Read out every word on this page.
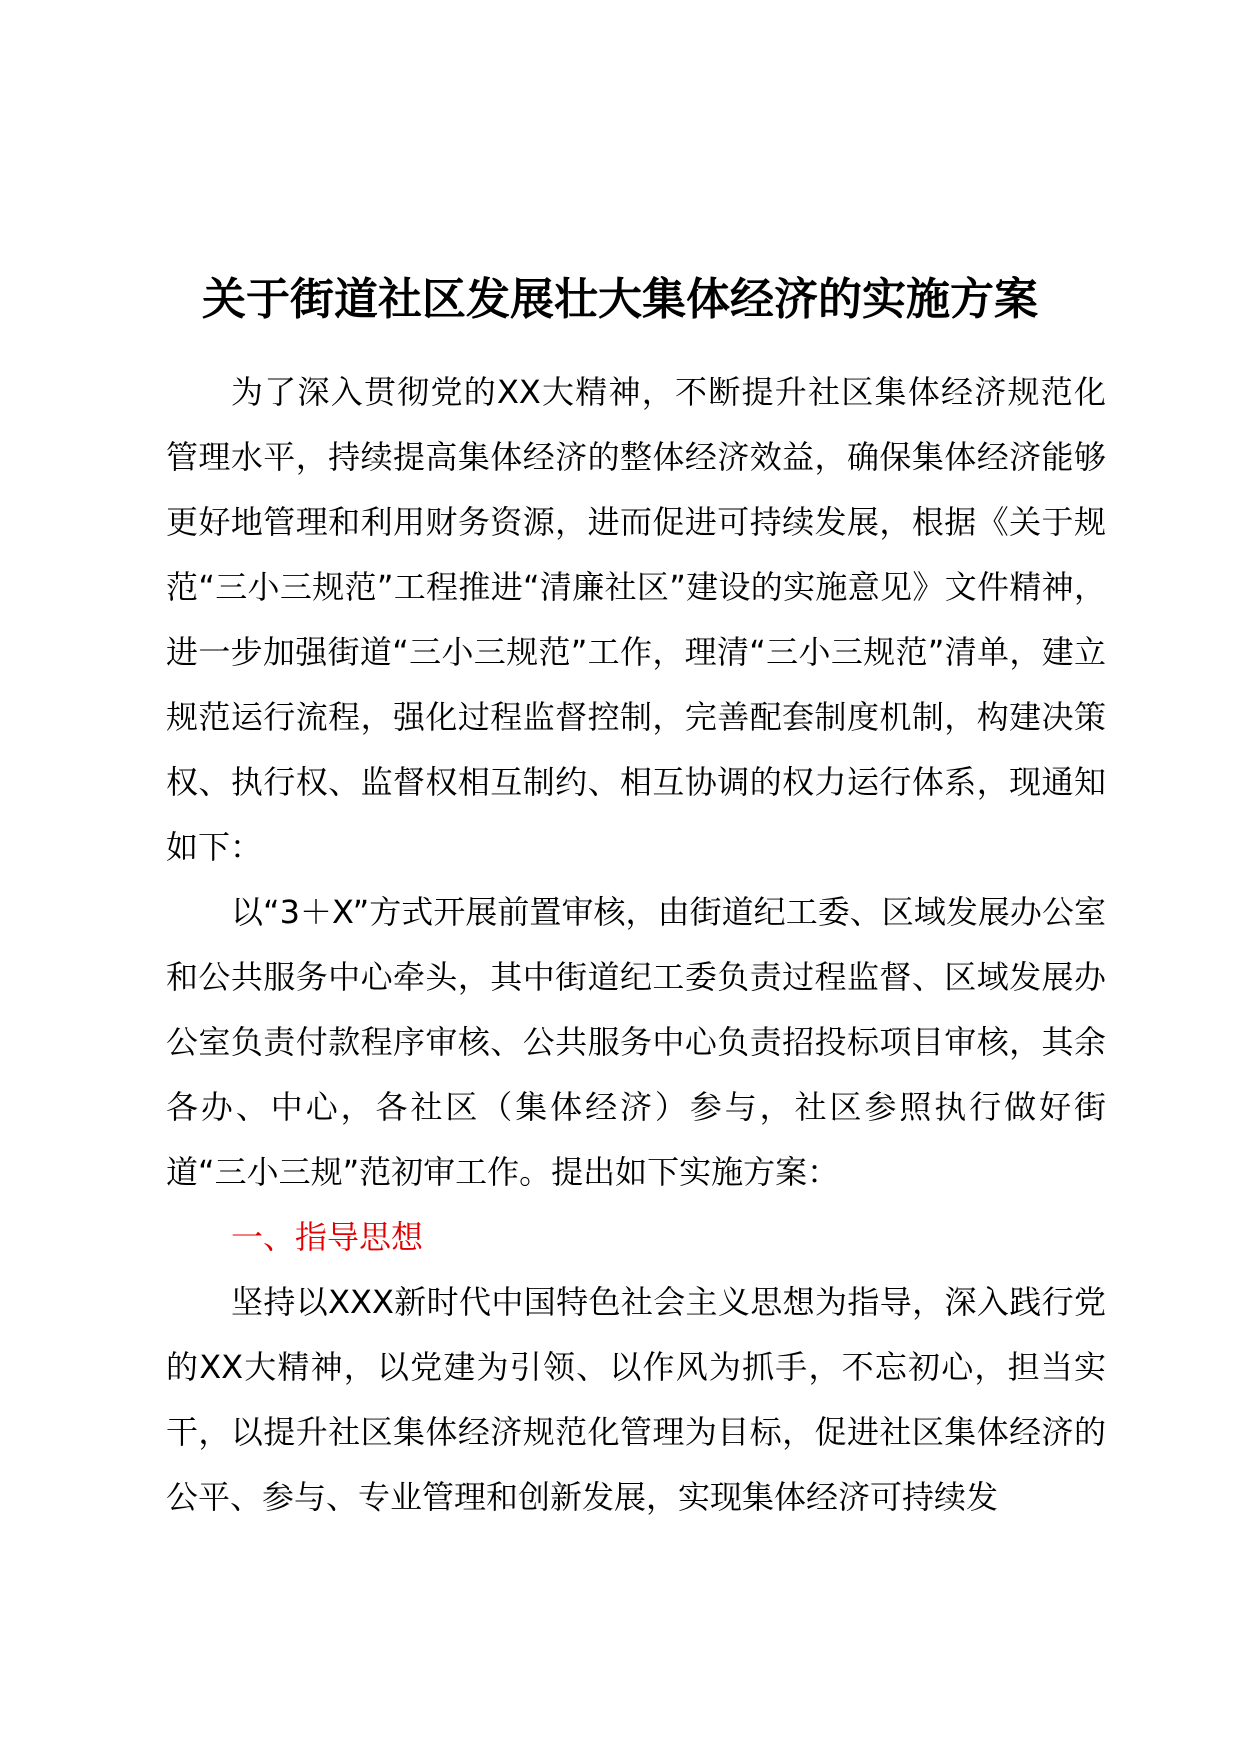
关于街道社区发展壮大集体经济的实施方案

为了深入贯彻党的XX大精神，不断提升社区集体经济规范化管理水平，持续提高集体经济的整体经济效益，确保集体经济能够更好地管理和利用财务资源，进而促进可持续发展，根据《关于规范“三小三规范”工程推进“清廉社区”建设的实施意见》文件精神，进一步加强街道“三小三规范”工作，理清“三小三规范”清单，建立规范运行流程，强化过程监督控制，完善配套制度机制，构建决策权、执行权、监督权相互制约、相互协调的权力运行体系，现通知如下：

以“3＋X”方式开展前置审核，由街道纪工委、区域发展办公室和公共服务中心牵头，其中街道纪工委负责过程监督、区域发展办公室负责付款程序审核、公共服务中心负责招投标项目审核，其余各办、中心，各社区（集体经济）参与，社区参照执行做好街道“三小三规”范初审工作。提出如下实施方案：

一、指导思想

坚持以XXX新时代中国特色社会主义思想为指导，深入践行党的XX大精神，以党建为引领、以作风为抓手，不忘初心，担当实干，以提升社区集体经济规范化管理为目标，促进社区集体经济的公平、参与、专业管理和创新发展，实现集体经济可持续发
